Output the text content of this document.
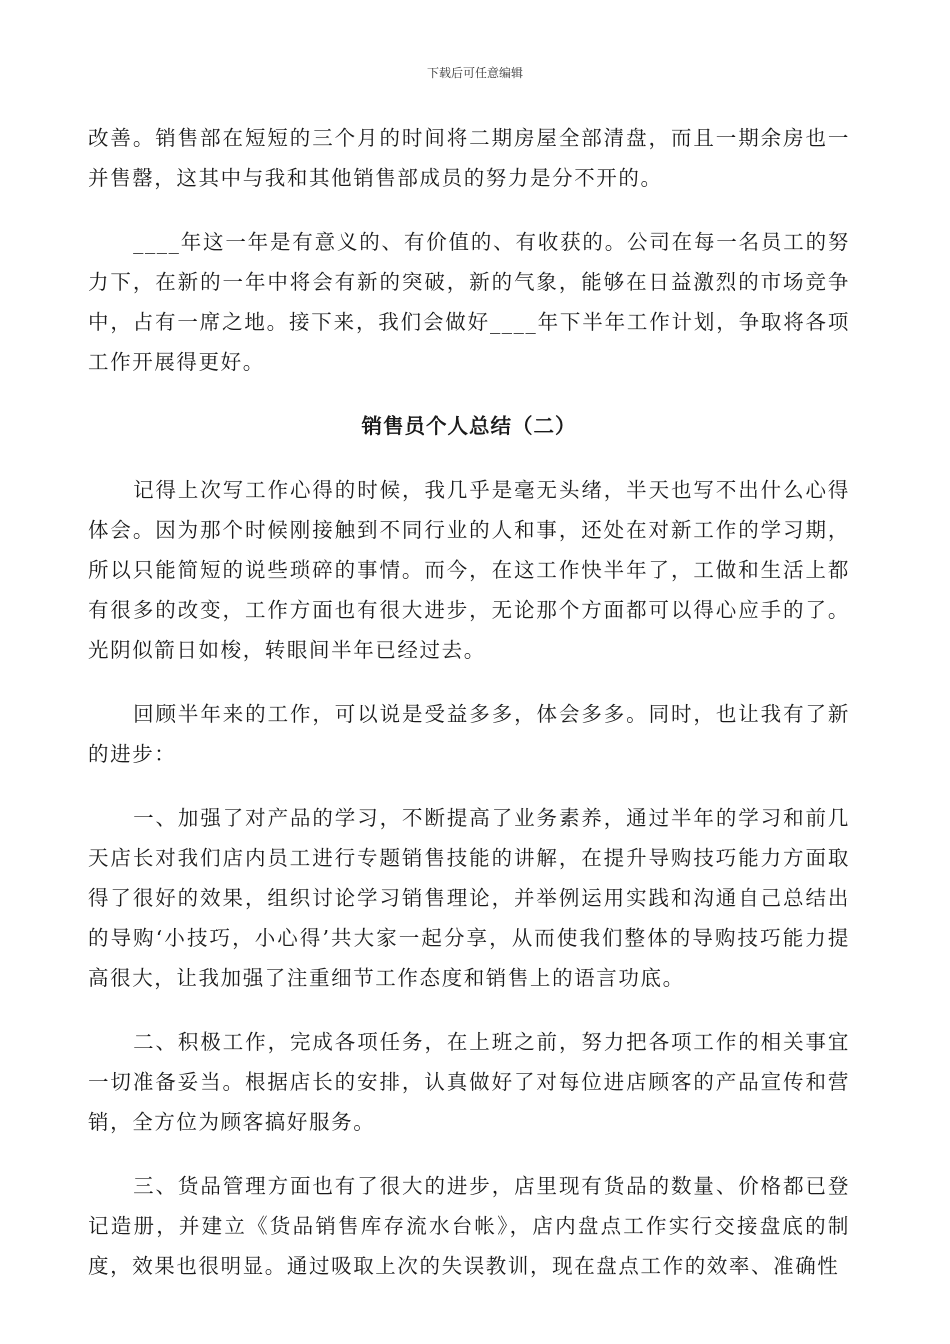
下载后可任意编辑

改善。销售部在短短的三个月的时间将二期房屋全部清盘，而且一期余房也一并售罄，这其中与我和其他销售部成员的努力是分不开的。

____年这一年是有意义的、有价值的、有收获的。公司在每一名员工的努力下，在新的一年中将会有新的突破，新的气象，能够在日益激烈的市场竞争中，占有一席之地。接下来，我们会做好____年下半年工作计划，争取将各项工作开展得更好。

销售员个人总结（二）

记得上次写工作心得的时候，我几乎是毫无头绪，半天也写不出什么心得体会。因为那个时候刚接触到不同行业的人和事，还处在对新工作的学习期，所以只能简短的说些琐碎的事情。而今，在这工作快半年了，工做和生活上都有很多的改变，工作方面也有很大进步，无论那个方面都可以得心应手的了。光阴似箭日如梭，转眼间半年已经过去。

回顾半年来的工作，可以说是受益多多，体会多多。同时，也让我有了新的进步：

一、加强了对产品的学习，不断提高了业务素养，通过半年的学习和前几天店长对我们店内员工进行专题销售技能的讲解，在提升导购技巧能力方面取得了很好的效果，组织讨论学习销售理论，并举例运用实践和沟通自己总结出的导购‘小技巧，小心得’共大家一起分享，从而使我们整体的导购技巧能力提高很大，让我加强了注重细节工作态度和销售上的语言功底。

二、积极工作，完成各项任务，在上班之前，努力把各项工作的相关事宜一切准备妥当。根据店长的安排，认真做好了对每位进店顾客的产品宣传和营销，全方位为顾客搞好服务。

三、货品管理方面也有了很大的进步，店里现有货品的数量、价格都已登记造册，并建立《货品销售库存流水台帐》，店内盘点工作实行交接盘底的制度，效果也很明显。通过吸取上次的失误教训，现在盘点工作的效率、准确性
